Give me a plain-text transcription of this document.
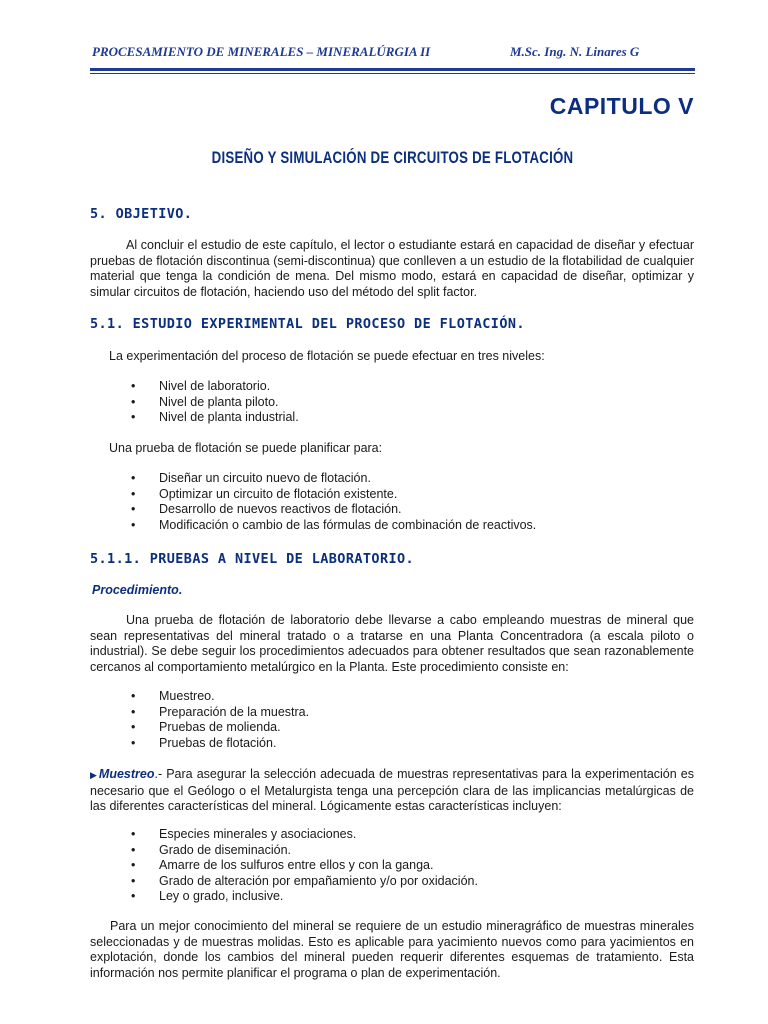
PROCESAMIENTO DE MINERALES – MINERALÚRGIA II	M.Sc. Ing. N. Linares G
CAPITULO V
DISEÑO Y SIMULACIÓN DE CIRCUITOS DE FLOTACIÓN
5. OBJETIVO.
Al concluir el estudio de este capítulo, el lector o estudiante estará en capacidad de diseñar y efectuar pruebas de flotación discontinua (semi-discontinua) que conlleven a un estudio de la flotabilidad de cualquier material que tenga la condición de mena. Del mismo modo, estará en capacidad de diseñar, optimizar y simular circuitos de flotación, haciendo uso del método del split factor.
5.1. ESTUDIO EXPERIMENTAL DEL PROCESO DE FLOTACIÓN.
La experimentación del proceso de flotación se puede efectuar en tres niveles:
• Nivel de laboratorio.
• Nivel de planta piloto.
• Nivel de planta industrial.
Una prueba de flotación se puede planificar para:
• Diseñar un circuito nuevo de flotación.
• Optimizar un circuito de flotación existente.
• Desarrollo de nuevos reactivos de flotación.
• Modificación o cambio de las fórmulas de combinación de reactivos.
5.1.1. PRUEBAS A NIVEL DE LABORATORIO.
Procedimiento.
Una prueba de flotación de laboratorio debe llevarse a cabo empleando muestras de mineral que sean representativas del mineral tratado o a tratarse en una Planta Concentradora (a escala piloto o industrial). Se debe seguir los procedimientos adecuados para obtener resultados que sean razonablemente cercanos al comportamiento metalúrgico en la Planta. Este procedimiento consiste en:
• Muestreo.
• Preparación de la muestra.
• Pruebas de molienda.
• Pruebas de flotación.
▶ Muestreo.- Para asegurar la selección adecuada de muestras representativas para la experimentación es necesario que el Geólogo o el Metalurgista tenga una percepción clara de las implicancias metalúrgicas de las diferentes características del mineral. Lógicamente estas características incluyen:
• Especies minerales y asociaciones.
• Grado de diseminación.
• Amarre de los sulfuros entre ellos y con la ganga.
• Grado de alteración por empañamiento y/o por oxidación.
• Ley o grado, inclusive.
Para un mejor conocimiento del mineral se requiere de un estudio mineragráfico de muestras minerales seleccionadas y de muestras molidas. Esto es aplicable para yacimiento nuevos como para yacimientos en explotación, donde los cambios del mineral pueden requerir diferentes esquemas de tratamiento. Esta información nos permite planificar el programa o plan de experimentación.
